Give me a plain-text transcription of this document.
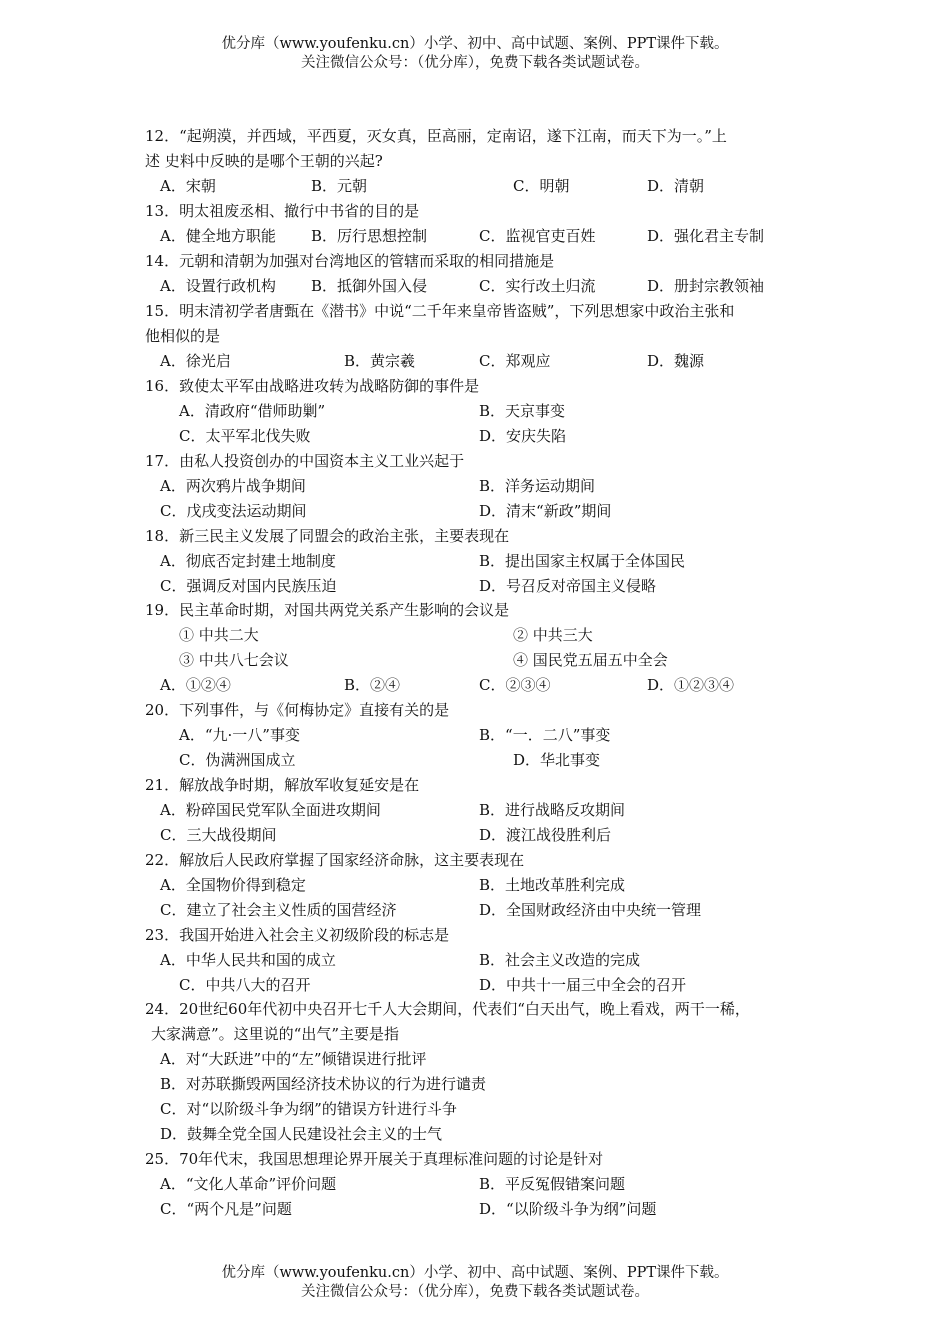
优分库（www.youfenku.cn）小学、初中、高中试题、案例、PPT课件下载。
关注微信公众号：（优分库），免费下载各类试题试卷。
12．“起朔漠，并西域，平西夏，灭女真，臣高丽，定南诏，遂下江南，而天下为一。”上
述 史料中反映的是哪个王朝的兴起?
A．宋朝	B．元朝	C．明朝	D．清朝
13．明太祖废丞相、撤行中书省的目的是
A．健全地方职能 B．厉行思想控制	C．监视官吏百姓	D．强化君主专制
14．元朝和清朝为加强对台湾地区的管辖而采取的相同措施是
A．设置行政机构 B．抵御外国入侵	C．实行改土归流	D．册封宗教领袖
15．明末清初学者唐甄在《潜书》中说“二千年来皇帝皆盗贼”，下列思想家中政治主张和
他相似的是
A．徐光启	B．黄宗羲	C．郑观应	D．魏源
16．致使太平军由战略进攻转为战略防御的事件是
A．清政府“借师助剿”	B．天京事变
C．太平军北伐失败	D．安庆失陷
17．由私人投资创办的中国资本主义工业兴起于
A．两次鸦片战争期间	B．洋务运动期间
C．戊戌变法运动期间	D．清末“新政”期间
18．新三民主义发展了同盟会的政治主张，主要表现在
A．彻底否定封建土地制度	B．提出国家主权属于全体国民
C．强调反对国内民族压迫	D．号召反对帝国主义侵略
19．民主革命时期，对国共两党关系产生影响的会议是
① 中共二大	② 中共三大
③ 中共八七会议	④ 国民党五届五中全会
A．①②④	B．②④	C．②③④	D．①②③④
20．下列事件，与《何梅协定》直接有关的是
A．“九·一八”事变	B．“一．二八”事变
C．伪满洲国成立	D．华北事变
21．解放战争时期，解放军收复延安是在
A．粉碎国民党军队全面进攻期间	B．进行战略反攻期间
C．三大战役期间	D．渡江战役胜利后
22．解放后人民政府掌握了国家经济命脉，这主要表现在
A．全国物价得到稳定	B．土地改革胜利完成
C．建立了社会主义性质的国营经济	D．全国财政经济由中央统一管理
23．我国开始进入社会主义初级阶段的标志是
A．中华人民共和国的成立	B．社会主义改造的完成
C．中共八大的召开	D．中共十一届三中全会的召开
24．20世纪60年代初中央召开七千人大会期间，代表们“白天出气，晚上看戏，两干一稀，
大家满意”。这里说的“出气”主要是指
A．对“大跃进”中的“左”倾错误进行批评
B．对苏联撕毁两国经济技术协议的行为进行谴责
C．对“以阶级斗争为纲”的错误方针进行斗争
D．鼓舞全党全国人民建设社会主义的士气
25．70年代末，我国思想理论界开展关于真理标准问题的讨论是针对
A．“文化人革命”评价问题	B．平反冤假错案问题
C．“两个凡是”问题	D．“以阶级斗争为纲”问题
优分库（www.youfenku.cn）小学、初中、高中试题、案例、PPT课件下载。
关注微信公众号：（优分库），免费下载各类试题试卷。
